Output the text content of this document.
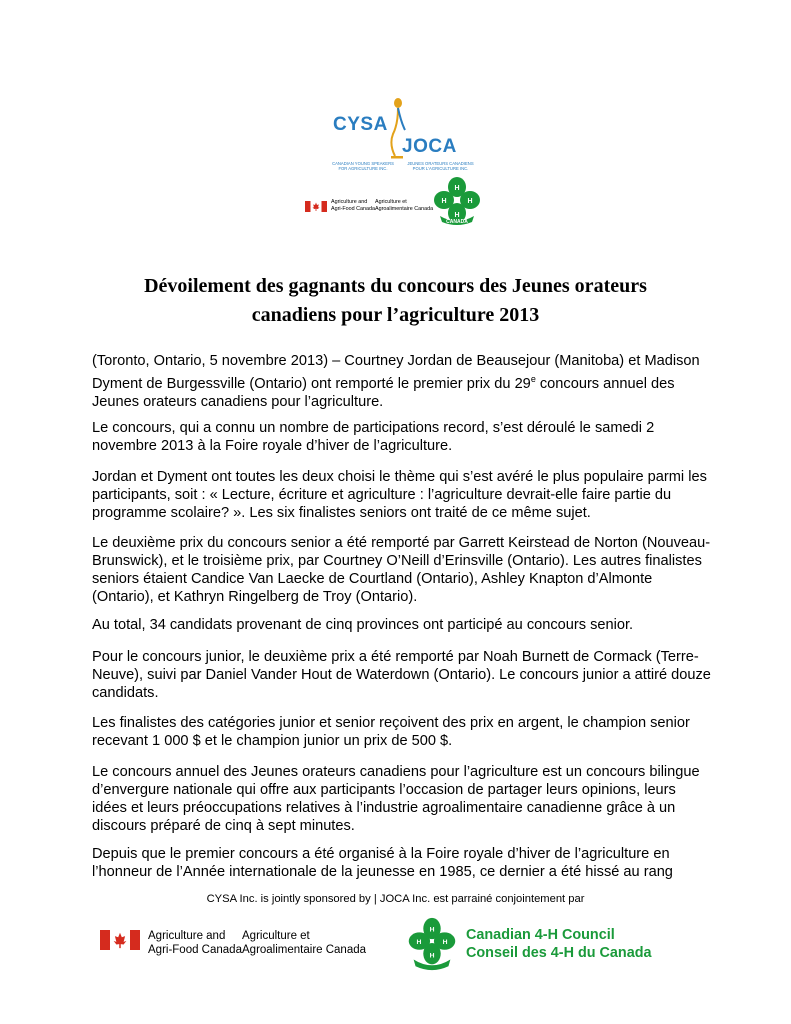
CYSA
JOCA
CANADIAN YOUNG SPEAKERS FOR AGRICULTURE INC.
JEUNES ORATEURS CANADIENS POUR L'AGRICULTURE INC.
Agriculture and
Agri-Food Canada
Agriculture et
Agroalimentaire Canada
H
H
H	H
CANADA
Dévoilement des gagnants du concours des Jeunes orateurs
canadiens pour l’agriculture 2013

(Toronto, Ontario, 5 novembre 2013) – Courtney Jordan de Beausejour (Manitoba) et Madison Dyment de Burgessville (Ontario) ont remporté le premier prix du 29e concours annuel des Jeunes orateurs canadiens pour l’agriculture.

Le concours, qui a connu un nombre de participations record, s’est déroulé le samedi 2 novembre 2013 à la Foire royale d’hiver de l’agriculture.

Jordan et Dyment ont toutes les deux choisi le thème qui s’est avéré le plus populaire parmi les participants, soit : « Lecture, écriture et agriculture : l’agriculture devrait-elle faire partie du programme scolaire? ». Les six finalistes seniors ont traité de ce même sujet.

Le deuxième prix du concours senior a été remporté par Garrett Keirstead de Norton (Nouveau-Brunswick), et le troisième prix, par Courtney O’Neill d’Erinsville (Ontario). Les autres finalistes seniors étaient Candice Van Laecke de Courtland (Ontario), Ashley Knapton d’Almonte (Ontario), et Kathryn Ringelberg de Troy (Ontario).

Au total, 34 candidats provenant de cinq provinces ont participé au concours senior.

Pour le concours junior, le deuxième prix a été remporté par Noah Burnett de Cormack (Terre-Neuve), suivi par Daniel Vander Hout de Waterdown (Ontario). Le concours junior a attiré douze candidats.

Les finalistes des catégories junior et senior reçoivent des prix en argent, le champion senior recevant 1 000 $ et le champion junior un prix de 500 $.

Le concours annuel des Jeunes orateurs canadiens pour l’agriculture est un concours bilingue d’envergure nationale qui offre aux participants l’occasion de partager leurs opinions, leurs idées et leurs préoccupations relatives à l’industrie agroalimentaire canadienne grâce à un discours préparé de cinq à sept minutes.

Depuis que le premier concours a été organisé à la Foire royale d’hiver de l’agriculture en l’honneur de l’Année internationale de la jeunesse en 1985, ce dernier a été hissé au rang

CYSA Inc. is jointly sponsored by | JOCA Inc. est parrainé conjointement par
Agriculture and
Agri-Food Canada
Agriculture et
Agroalimentaire Canada
H
H
H	H Canadian 4-H Council
Conseil des 4-H du Canada
